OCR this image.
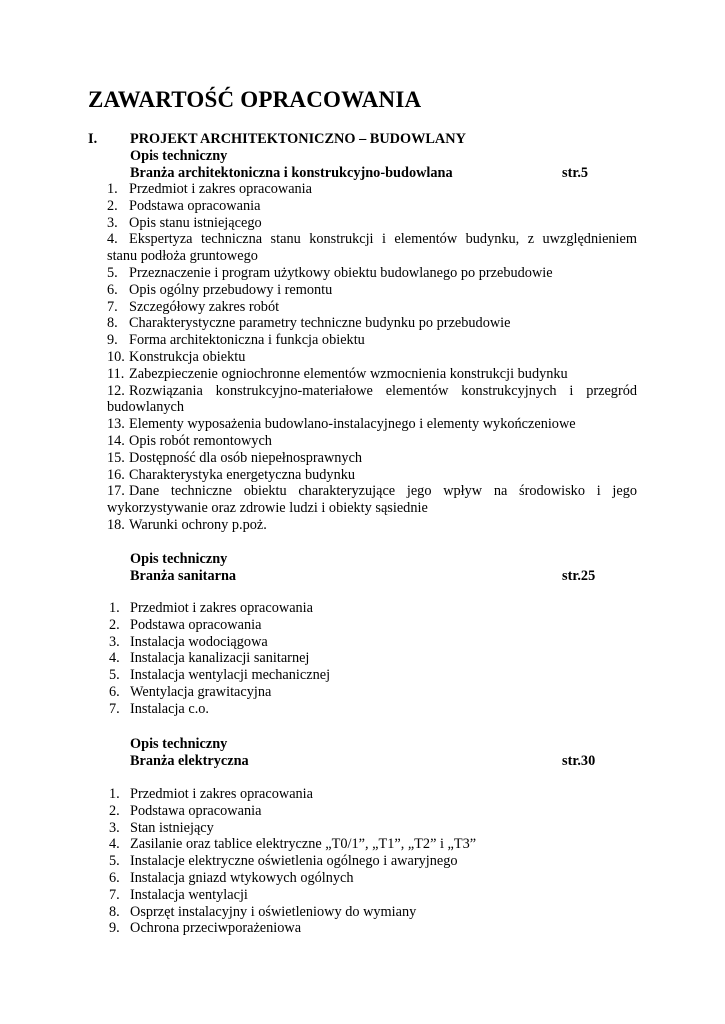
ZAWARTOŚĆ OPRACOWANIA
I. PROJEKT ARCHITEKTONICZNO – BUDOWLANY
Opis techniczny
Branża architektoniczna i konstrukcyjno-budowlana	str.5
1. Przedmiot i zakres opracowania
2. Podstawa opracowania
3. Opis stanu istniejącego
4. Ekspertyza techniczna stanu konstrukcji i elementów budynku, z uwzględnieniem
stanu podłoża gruntowego
5. Przeznaczenie i program użytkowy obiektu budowlanego po przebudowie
6. Opis ogólny przebudowy i remontu
7. Szczegółowy zakres robót
8. Charakterystyczne parametry techniczne budynku po przebudowie
9. Forma architektoniczna i funkcja obiektu
10. Konstrukcja obiektu
11. Zabezpieczenie ogniochronne elementów wzmocnienia konstrukcji budynku
12. Rozwiązania konstrukcyjno-materiałowe elementów konstrukcyjnych i przegród
budowlanych
13. Elementy wyposażenia budowlano-instalacyjnego i elementy wykończeniowe
14. Opis robót remontowych
15. Dostępność dla osób niepełnosprawnych
16. Charakterystyka energetyczna budynku
17. Dane techniczne obiektu charakteryzujące jego wpływ na środowisko i jego
wykorzystywanie oraz zdrowie ludzi i obiekty sąsiednie
18. Warunki ochrony p.poż.
Opis techniczny
Branża sanitarna	str.25
1. Przedmiot i zakres opracowania
2. Podstawa opracowania
3. Instalacja wodociągowa
4. Instalacja kanalizacji sanitarnej
5. Instalacja wentylacji mechanicznej
6. Wentylacja grawitacyjna
7. Instalacja c.o.
Opis techniczny
Branża elektryczna	str.30
1. Przedmiot i zakres opracowania
2. Podstawa opracowania
3. Stan istniejący
4. Zasilanie oraz tablice elektryczne „T0/1”, „T1”, „T2” i „T3”
5. Instalacje elektryczne oświetlenia ogólnego i awaryjnego
6. Instalacja gniazd wtykowych ogólnych
7. Instalacja wentylacji
8. Osprzęt instalacyjny i oświetleniowy do wymiany
9. Ochrona przeciwporażeniowa
